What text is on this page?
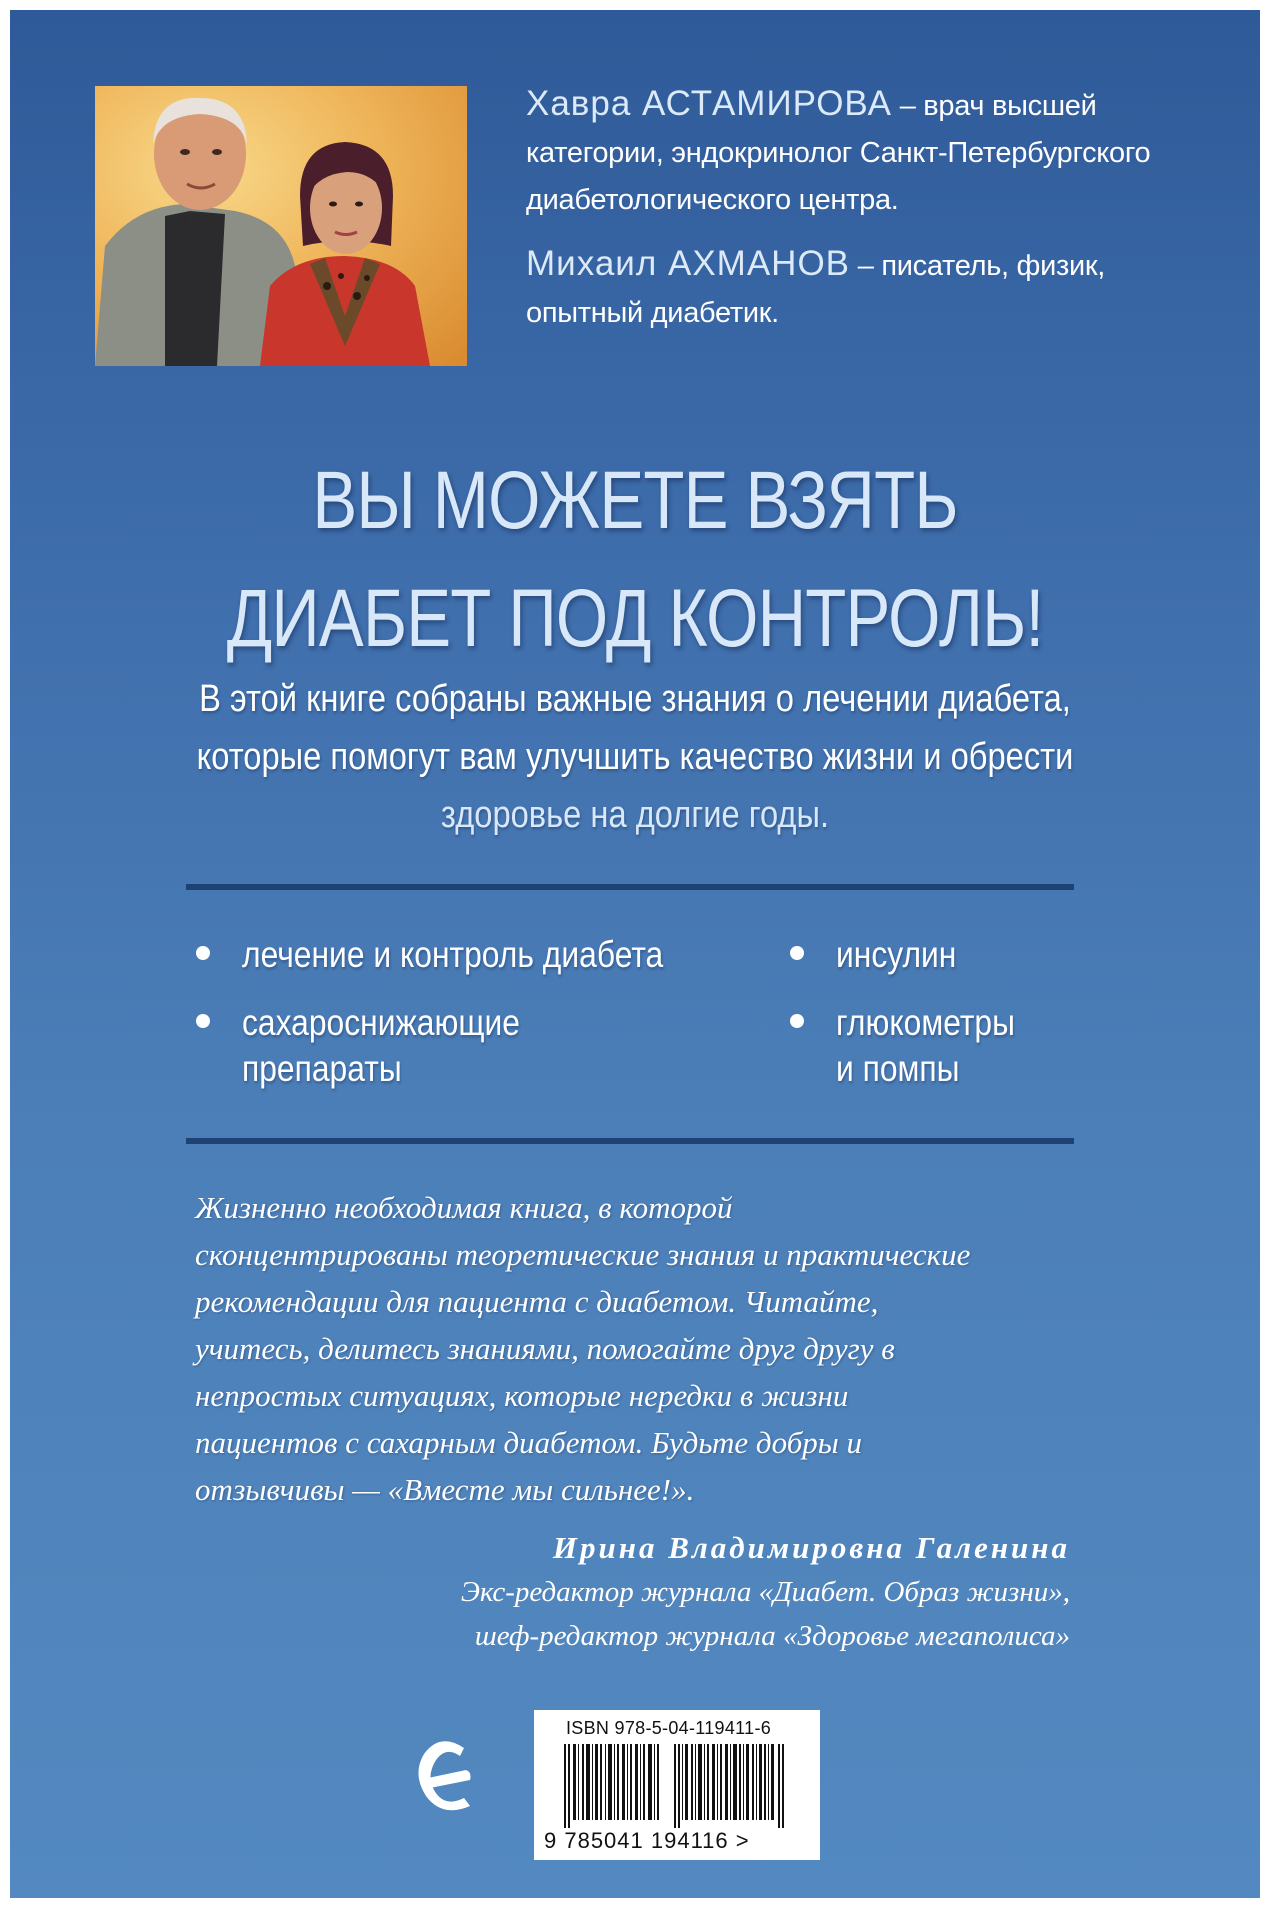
Хавра АСТАМИРОВА – врач высшей

категории, эндокринолог Санкт-Петербургского

диабетологического центра.

Михаил АХМАНОВ – писатель, физик,

опытный диабетик.

ВЫ МОЖЕТЕ ВЗЯТЬ
ДИАБЕТ ПОД КОНТРОЛЬ!
В этой книге собраны важные знания о лечении диабета,
которые помогут вам улучшить качество жизни и обрести
здоровье на долгие годы.
лечение и контроль диабета
сахароснижающие
препараты
инсулин
глюкометры
и помпы

Жизненно необходимая книга, в которой

сконцентрированы теоретические знания и практические

рекомендации для пациента с диабетом. Читайте,

учитесь, делитесь знаниями, помогайте друг другу в

непростых ситуациях, которые нередки в жизни

пациентов с сахарным диабетом. Будьте добры и

отзывчивы — «Вместе мы сильнее!».

Ирина Владимировна Галенина
Экс-редактор журнала «Диабет. Образ жизни»,
шеф-редактор журнала «Здоровье мегаполиса»
ISBN 978-5-04-119411-6
9 785041 194116 >
